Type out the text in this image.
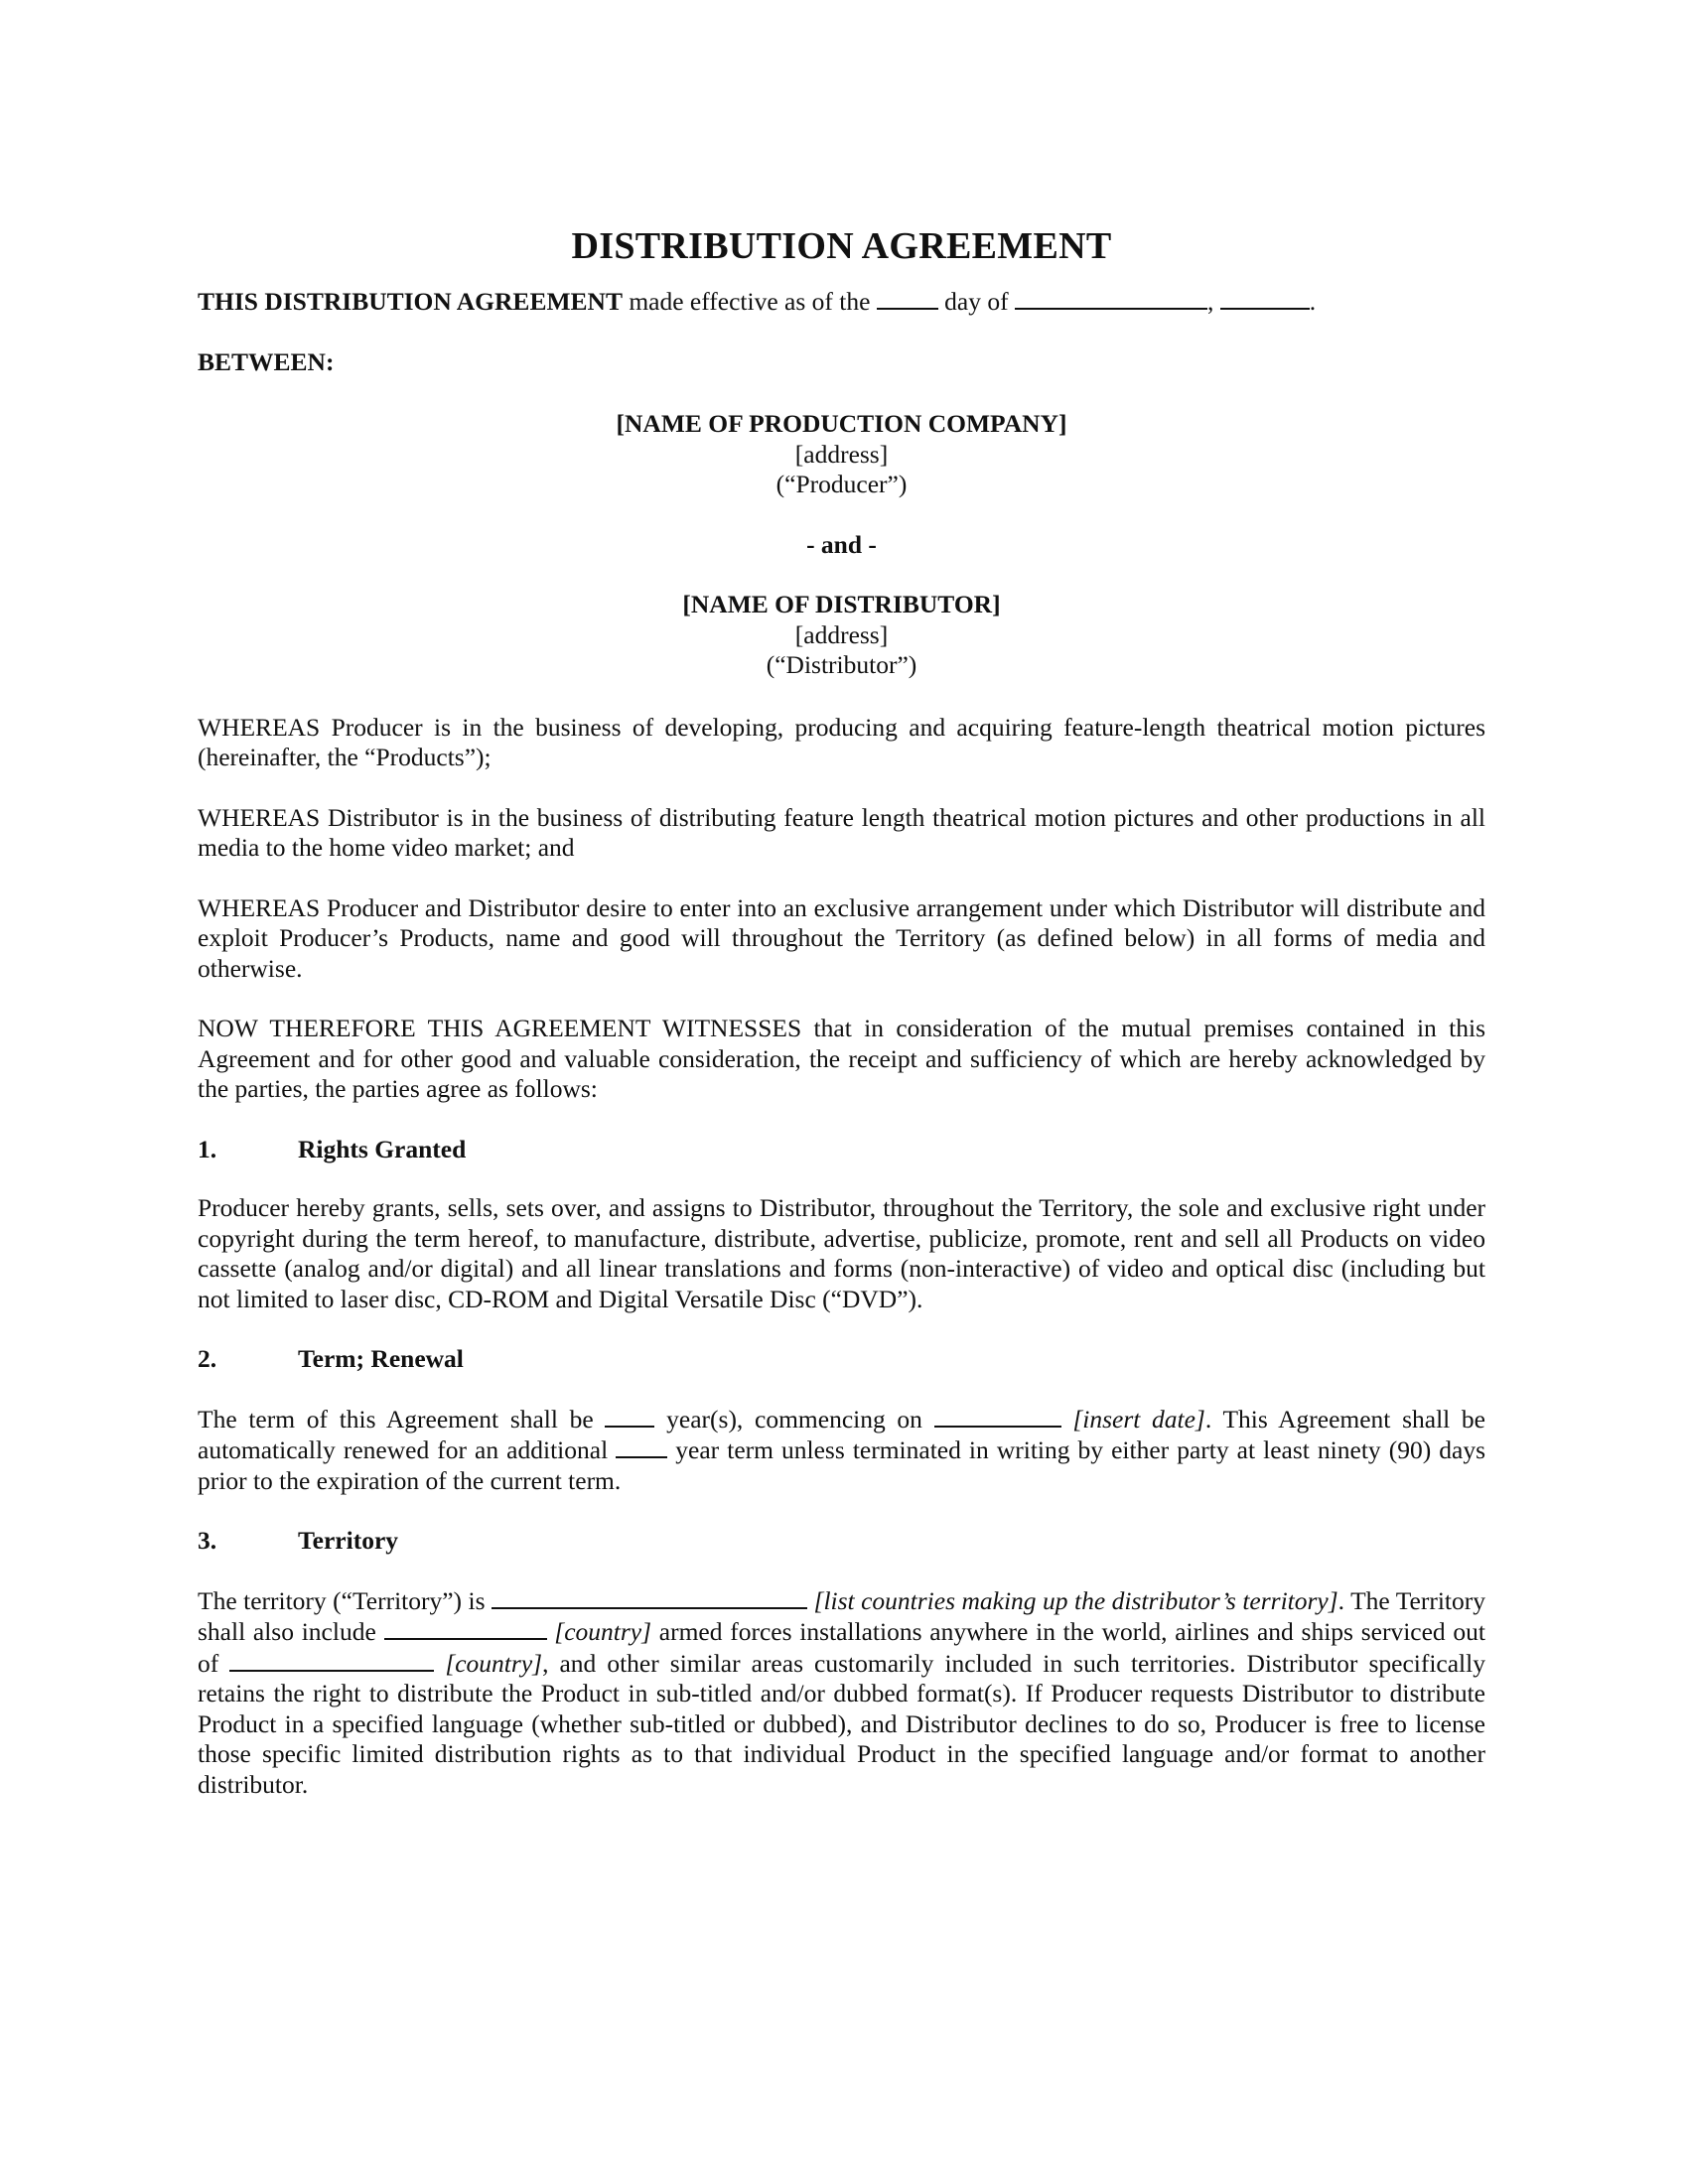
DISTRIBUTION AGREEMENT
THIS DISTRIBUTION AGREEMENT made effective as of the  day of	,	.
BETWEEN:
[NAME OF PRODUCTION COMPANY]
[address]
(“Producer”)
- and -
[NAME OF DISTRIBUTOR]
[address]
(“Distributor”)
WHEREAS Producer is in the business of developing, producing and acquiring feature-length theatrical motion pictures (hereinafter, the “Products”);
WHEREAS Distributor is in the business of distributing feature length theatrical motion pictures and other productions in all media to the home video market; and
WHEREAS Producer and Distributor desire to enter into an exclusive arrangement under which Distributor will distribute and exploit Producer’s Products, name and good will throughout the Territory (as defined below) in all forms of media and otherwise.
NOW THEREFORE THIS AGREEMENT WITNESSES that in consideration of the mutual premises contained in this Agreement and for other good and valuable consideration, the receipt and sufficiency of which are hereby acknowledged by the parties, the parties agree as follows:
1.	Rights Granted
Producer hereby grants, sells, sets over, and assigns to Distributor, throughout the Territory, the sole and exclusive right under copyright during the term hereof, to manufacture, distribute, advertise, publicize, promote, rent and sell all Products on video cassette (analog and/or digital) and all linear translations and forms (non-interactive) of video and optical disc (including but not limited to laser disc, CD-ROM and Digital Versatile Disc (“DVD”).
2.	Term; Renewal
The term of this Agreement shall be  year(s), commencing on	[insert date]. This Agreement shall be automatically renewed for an additional  year term unless terminated in writing by either party at least ninety (90) days prior to the expiration of the current term.
3.	Territory
The territory (“Territory”) is	[list countries making up the distributor’s territory]. The Territory shall also include	[country] armed forces installations anywhere in the world, airlines and ships serviced out of	[country], and other similar areas customarily included in such territories. Distributor specifically retains the right to distribute the Product in sub-titled and/or dubbed format(s). If Producer requests Distributor to distribute Product in a specified language (whether sub-titled or dubbed), and Distributor declines to do so, Producer is free to license those specific limited distribution rights as to that individual Product in the specified language and/or format to another distributor.
